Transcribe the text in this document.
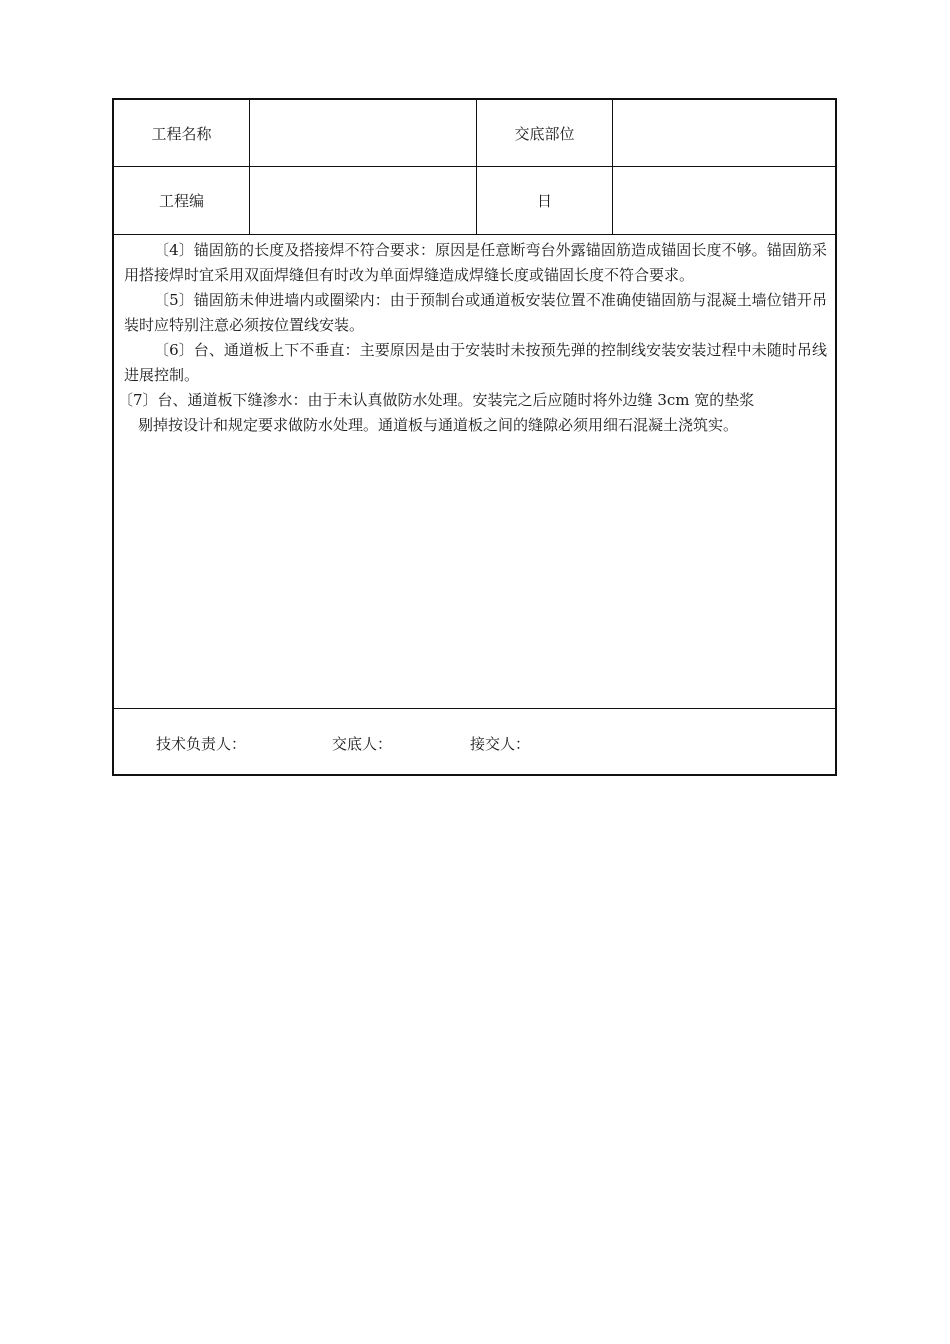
工程名称	交底部位
工程编	日

〔4〕锚固筋的长度及搭接焊不符合要求：原因是任意断弯台外露锚固筋造成锚固长度不够。锚固筋采用搭接焊时宜采用双面焊缝但有时改为单面焊缝造成焊缝长度或锚固长度不符合要求。

〔5〕锚固筋未伸进墙内或圈梁内：由于预制台或通道板安装位置不准确使锚固筋与混凝土墙位错开吊装时应特别注意必须按位置线安装。

〔6〕台、通道板上下不垂直：主要原因是由于安装时未按预先弹的控制线安装安装过程中未随时吊线进展控制。

〔7〕台、通道板下缝渗水：由于未认真做防水处理。安装完之后应随时将外边缝 3cm 宽的垫浆
剔掉按设计和规定要求做防水处理。通道板与通道板之间的缝隙必须用细石混凝土浇筑实。

技术负责人：	交底人：	接交人：
